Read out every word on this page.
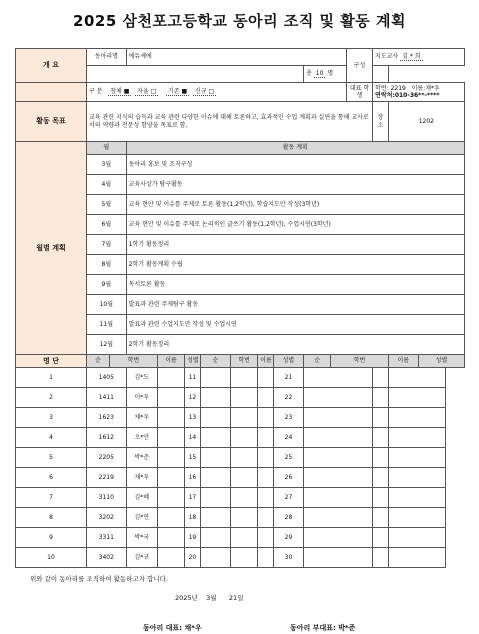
2025 삼천포고등학교 동아리 조직 및 활동 계획
개 요	동아리명		에듀셰에									구성	지도교사 김 * 희		
										총 10 명					
	구 분 창체 ■ 자율 □ 기존 ■ 신규 □											대표 학생	학번: 2219 이름:채*우
연락처:010-36**-****		
활동 목표	교육 관련 지식의 습득과 교육 관련 다양한 이슈에 대해 토론하고, 효과적인 수업 계획과 실연을 통해 교사로서의 역량과 전문성 함양을 목표로 함.												장소	1202	
월별 계획	월		활동 계획												
	3월		동아리 홍보 및 조직구성												
	4월		교육사상가 탐구활동												
	5월		교육 현안 및 이슈를 주제로 토론 활동(1,2학년), 학습지도안 작성(3학년)												
	6월		교육 현안 및 이슈를 주제로 논리적인 글쓰기 활동(1,2학년), 수업시연(3학년)												
	7월		1학기 활동정리												
	8월		2학기 활동계획 수립												
	9월		독서토론 활동												
	10월		발표과 관련 주제탐구 활동												
	11월		발표과 관련 수업지도안 작성 및 수업시연												
	12월		2학기 활동정리												
명 단	순	학번		이름	성별	순	학번	이름	성별	순	학번			이름	성별
1	1405		김*도		11				21						
2	1411		이*우		12				22						
3	1623		채*우		13				23						
4	1612		오*안		14				24						
5	2205		박*준		15				25						
6	2219		채*우		16				26						
7	3110		김*혜		17				27						
8	3202		김*연		18				28						
9	3311		박*국		19				29						
10	3402		김*규		20				30						
위와 같이 동아리를 조직하여 활동하고자 합니다.
2025년 3월 21일
동아리 대표: 채*우	동아리 부대표: 박*준
